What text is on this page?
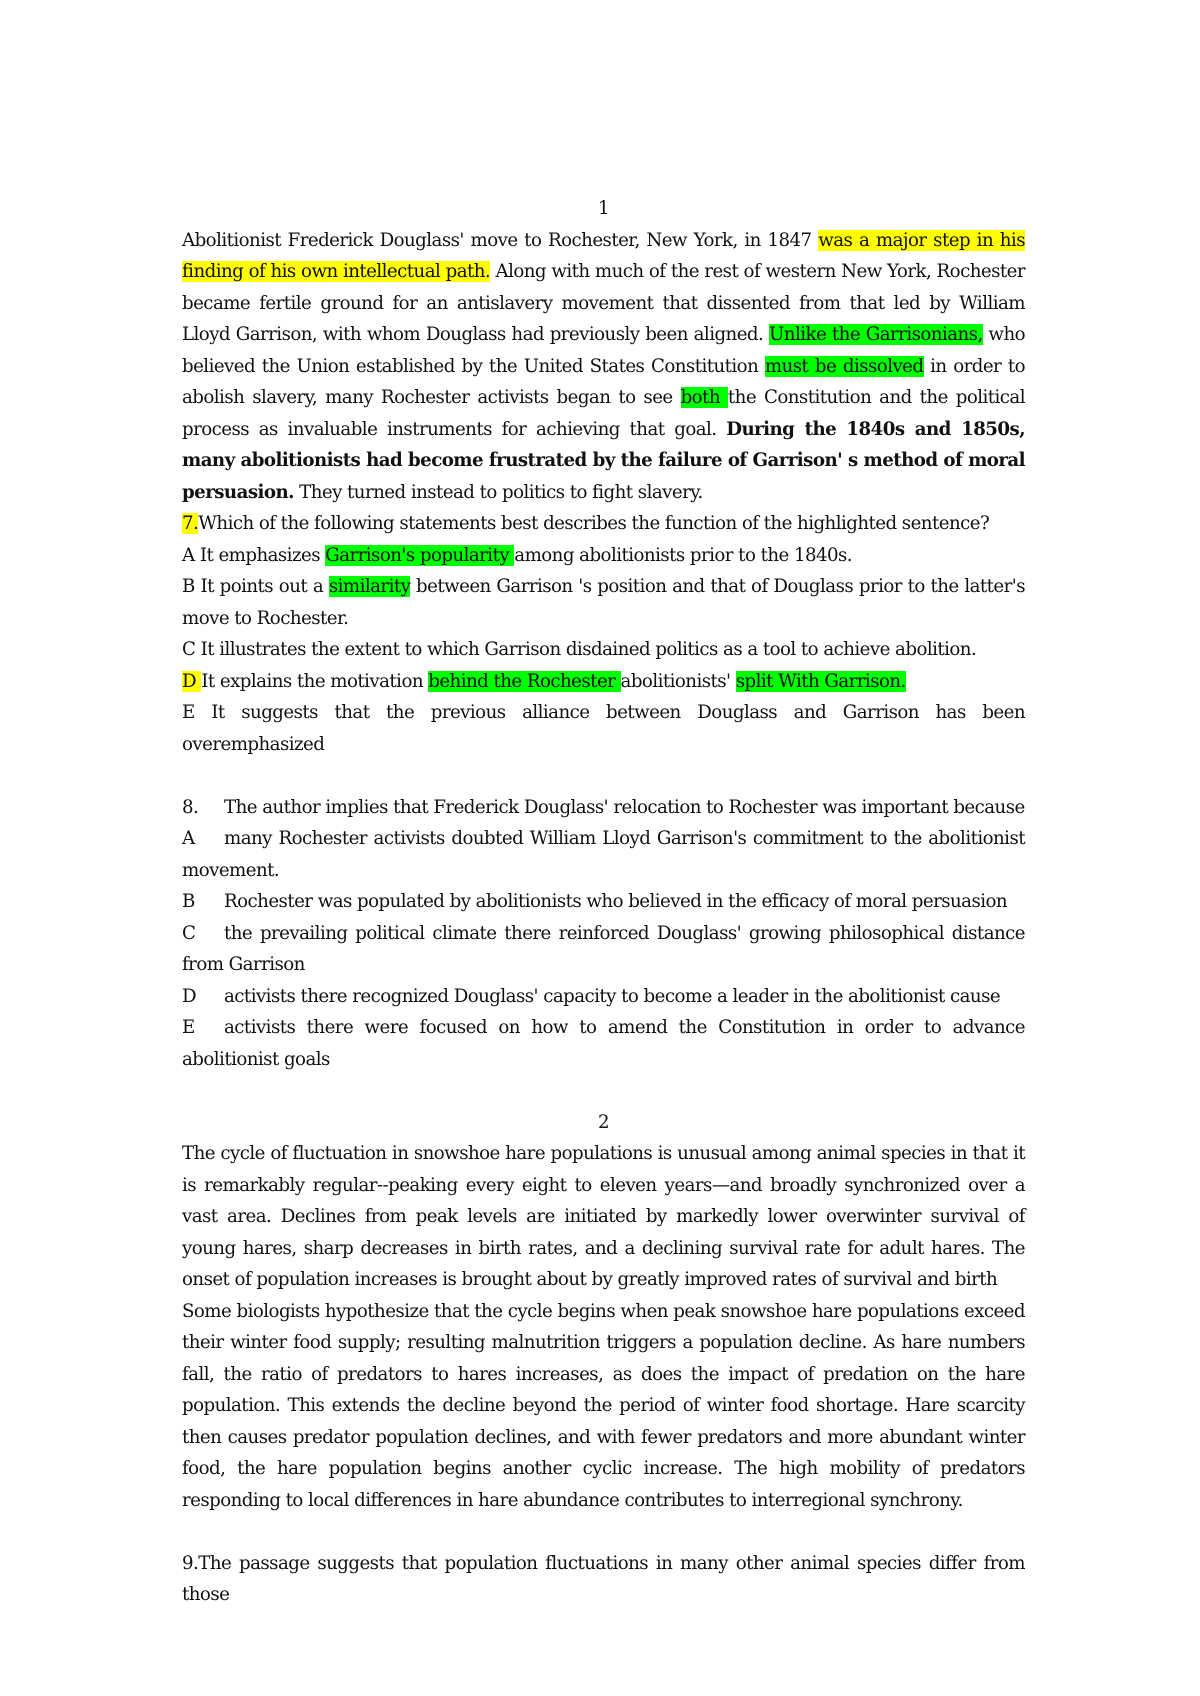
1

Abolitionist Frederick Douglass' move to Rochester, New York, in 1847 was a major step in his finding of his own intellectual path. Along with much of the rest of western New York, Rochester became fertile ground for an antislavery movement that dissented from that led by William Lloyd Garrison, with whom Douglass had previously been aligned. Unlike the Garrisonians, who believed the Union established by the United States Constitution must be dissolved in order to abolish slavery, many Rochester activists began to see both the Constitution and the political process as invaluable instruments for achieving that goal. During the 1840s and 1850s, many abolitionists had become frustrated by the failure of Garrison' s method of moral persuasion. They turned instead to politics to fight slavery.

7.Which of the following statements best describes the function of the highlighted sentence?

A It emphasizes Garrison's popularity among abolitionists prior to the 1840s.

B It points out a similarity between Garrison 's position and that of Douglass prior to the latter's move to Rochester.

C It illustrates the extent to which Garrison disdained politics as a tool to achieve abolition.

D It explains the motivation behind the Rochester abolitionists' split With Garrison.

E It suggests that the previous alliance between Douglass and Garrison has been overemphasized

8. The author implies that Frederick Douglass' relocation to Rochester was important because

A many Rochester activists doubted William Lloyd Garrison's commitment to the abolitionist movement.

B Rochester was populated by abolitionists who believed in the efficacy of moral persuasion

C the prevailing political climate there reinforced Douglass' growing philosophical distance from Garrison

D activists there recognized Douglass' capacity to become a leader in the abolitionist cause

E activists there were focused on how to amend the Constitution in order to advance abolitionist goals

2

The cycle of fluctuation in snowshoe hare populations is unusual among animal species in that it is remarkably regular--peaking every eight to eleven years—and broadly synchronized over a vast area. Declines from peak levels are initiated by markedly lower overwinter survival of young hares, sharp decreases in birth rates, and a declining survival rate for adult hares. The onset of population increases is brought about by greatly improved rates of survival and birth

Some biologists hypothesize that the cycle begins when peak snowshoe hare populations exceed their winter food supply; resulting malnutrition triggers a population decline. As hare numbers fall, the ratio of predators to hares increases, as does the impact of predation on the hare population. This extends the decline beyond the period of winter food shortage. Hare scarcity then causes predator population declines, and with fewer predators and more abundant winter food, the hare population begins another cyclic increase. The high mobility of predators responding to local differences in hare abundance contributes to interregional synchrony.

9.The passage suggests that population fluctuations in many other animal species differ from those
